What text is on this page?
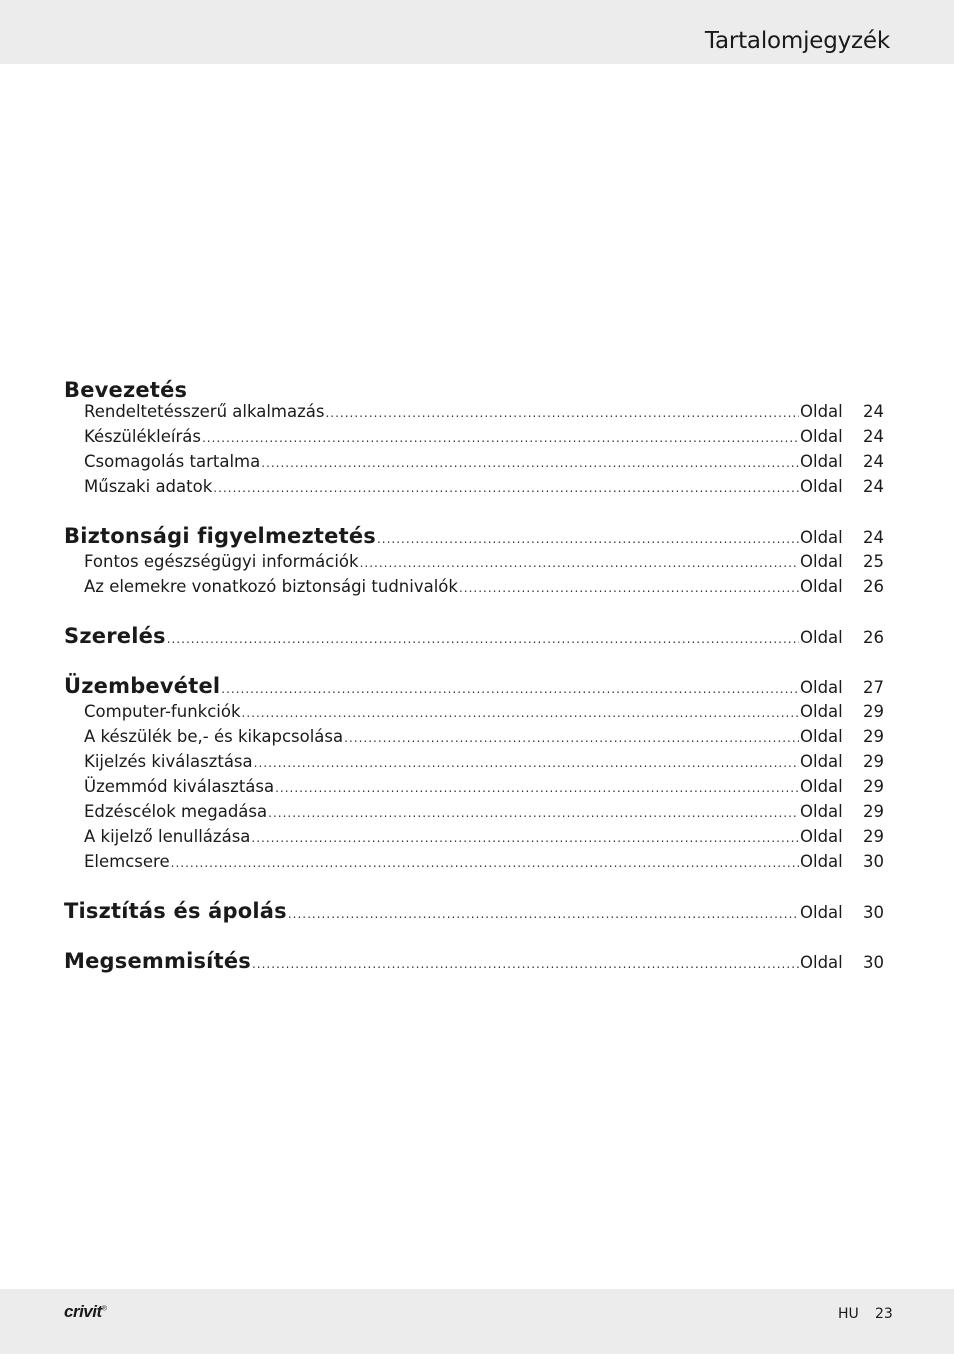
Tartalomjegyzék
Bevezetés
Rendeltetésszerű alkalmazás .....	Oldal	24
Készülékleírás .....	Oldal	24
Csomagolás tartalma .....	Oldal	24
Műszaki adatok .....	Oldal	24
Biztonsági figyelmeztetés .....	Oldal	24
Fontos egészségügyi információk .....	Oldal	25
Az elemekre vonatkozó biztonsági tudnivalók .....	Oldal	26
Szerelés .....	Oldal	26
Üzembevétel .....	Oldal	27
Computer-funkciók .....	Oldal	29
A készülék be,- és kikapcsolása .....	Oldal	29
Kijelzés kiválasztása .....	Oldal	29
Üzemmód kiválasztása .....	Oldal	29
Edzéscélok megadása .....	Oldal	29
A kijelző lenullázása .....	Oldal	29
Elemcsere .....	Oldal	30
Tisztítás és ápolás .....	Oldal	30
Megsemmisítés .....	Oldal	30
crivit®	HU 23
